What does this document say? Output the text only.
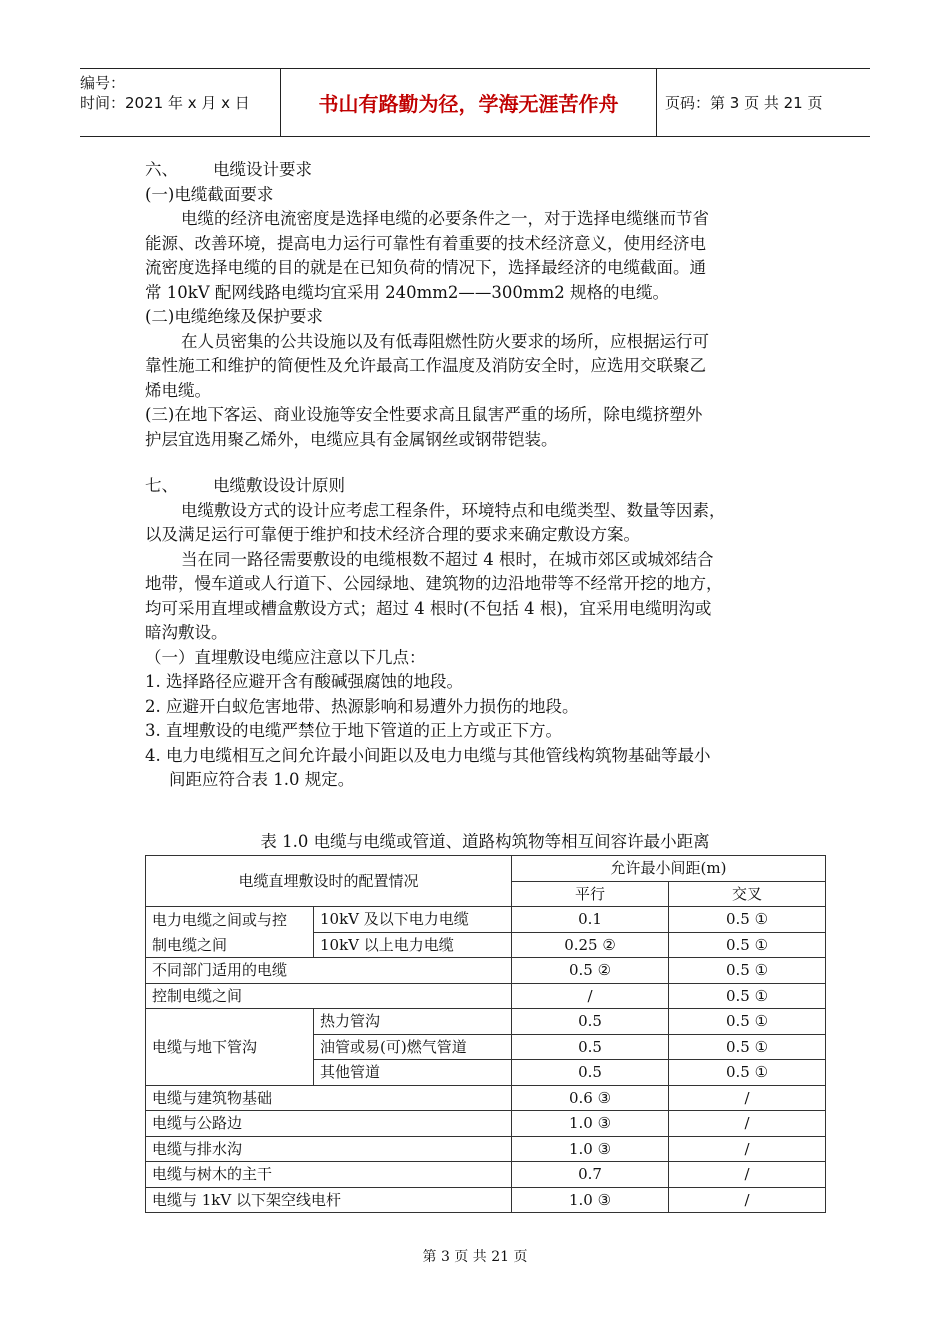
编号：
时间：2021 年 x 月 x 日	书山有路勤为径，学海无涯苦作舟	页码：第 3 页 共 21 页
六、 电缆设计要求
(一)电缆截面要求
电缆的经济电流密度是选择电缆的必要条件之一，对于选择电缆继而节省
能源、改善环境，提高电力运行可靠性有着重要的技术经济意义，使用经济电
流密度选择电缆的目的就是在已知负荷的情况下，选择最经济的电缆截面。通
常 10kV 配网线路电缆均宜采用 240mm2——300mm2 规格的电缆。
(二)电缆绝缘及保护要求
在人员密集的公共设施以及有低毒阻燃性防火要求的场所，应根据运行可
靠性施工和维护的简便性及允许最高工作温度及消防安全时，应选用交联聚乙
烯电缆。
(三)在地下客运、商业设施等安全性要求高且鼠害严重的场所，除电缆挤塑外
护层宜选用聚乙烯外，电缆应具有金属钢丝或钢带铠装。
七、 电缆敷设设计原则
电缆敷设方式的设计应考虑工程条件，环境特点和电缆类型、数量等因素，
以及满足运行可靠便于维护和技术经济合理的要求来确定敷设方案。
当在同一路径需要敷设的电缆根数不超过 4 根时，在城市郊区或城郊结合
地带，慢车道或人行道下、公园绿地、建筑物的边沿地带等不经常开挖的地方，
均可采用直埋或槽盒敷设方式；超过 4 根时(不包括 4 根)，宜采用电缆明沟或
暗沟敷设。
（一）直埋敷设电缆应注意以下几点：
1. 选择路径应避开含有酸碱强腐蚀的地段。
2. 应避开白蚁危害地带、热源影响和易遭外力损伤的地段。
3. 直埋敷设的电缆严禁位于地下管道的正上方或正下方。
4. 电力电缆相互之间允许最小间距以及电力电缆与其他管线构筑物基础等最小
间距应符合表 1.0 规定。
表 1.0 电缆与电缆或管道、道路构筑物等相互间容许最小距离
电缆直埋敷设时的配置情况		允许最小间距(m)	
		平行	交叉
电力电缆之间或与控	10kV 及以下电力电缆	0.1	0.5 ①
制电缆之间	10kV 以上电力电缆	0.25 ②	0.5 ①
不同部门适用的电缆		0.5 ②	0.5 ①
控制电缆之间		/	0.5 ①
电缆与地下管沟	热力管沟	0.5	0.5 ①
	油管或易(可)燃气管道	0.5	0.5 ①
	其他管道	0.5	0.5 ①
电缆与建筑物基础		0.6 ③	/
电缆与公路边		1.0 ③	/
电缆与排水沟		1.0 ③	/
电缆与树木的主干		0.7	/
电缆与 1kV 以下架空线电杆		1.0 ③	/
第 3 页 共 21 页
